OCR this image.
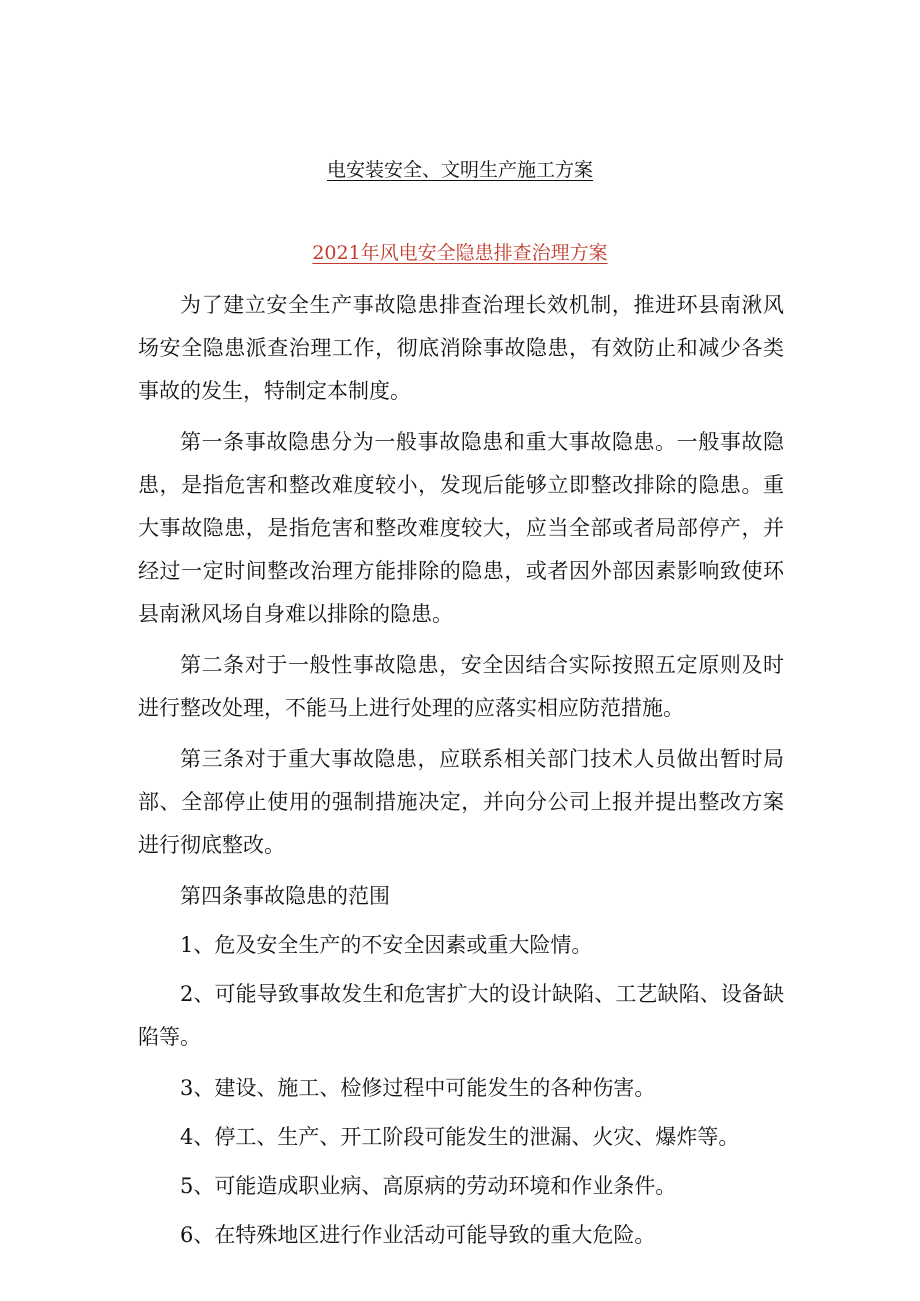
电安装安全、文明生产施工方案
2021年风电安全隐患排查治理方案

为了建立安全生产事故隐患排查治理长效机制，推进环县南湫风场安全隐患派查治理工作，彻底消除事故隐患，有效防止和减少各类事故的发生，特制定本制度。

第一条事故隐患分为一般事故隐患和重大事故隐患。一般事故隐患，是指危害和整改难度较小，发现后能够立即整改排除的隐患。重大事故隐患，是指危害和整改难度较大，应当全部或者局部停产，并经过一定时间整改治理方能排除的隐患，或者因外部因素影响致使环县南湫风场自身难以排除的隐患。

第二条对于一般性事故隐患，安全因结合实际按照五定原则及时进行整改处理，不能马上进行处理的应落实相应防范措施。

第三条对于重大事故隐患，应联系相关部门技术人员做出暂时局部、全部停止使用的强制措施决定，并向分公司上报并提出整改方案进行彻底整改。

第四条事故隐患的范围

1、危及安全生产的不安全因素或重大险情。

2、可能导致事故发生和危害扩大的设计缺陷、工艺缺陷、设备缺陷等。

3、建设、施工、检修过程中可能发生的各种伤害。

4、停工、生产、开工阶段可能发生的泄漏、火灾、爆炸等。

5、可能造成职业病、高原病的劳动环境和作业条件。

6、在特殊地区进行作业活动可能导致的重大危险。
